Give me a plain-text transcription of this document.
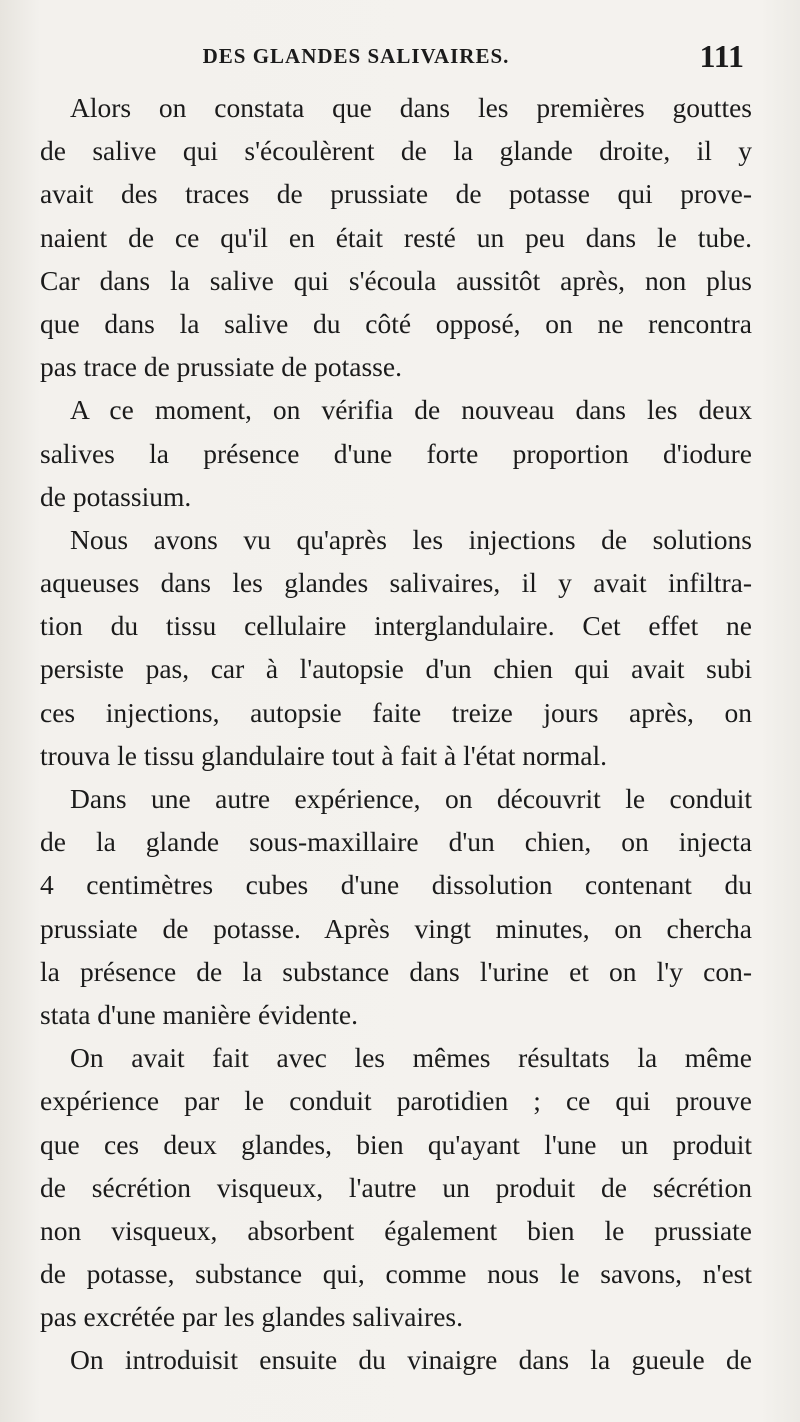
DES GLANDES SALIVAIRES.	111
Alors on constata que dans les premières gouttes
de salive qui s'écoulèrent de la glande droite, il y
avait des traces de prussiate de potasse qui prove-
naient de ce qu'il en était resté un peu dans le tube.
Car dans la salive qui s'écoula aussitôt après, non plus
que dans la salive du côté opposé, on ne rencontra
pas trace de prussiate de potasse.
A ce moment, on vérifia de nouveau dans les deux
salives la présence d'une forte proportion d'iodure
de potassium.
Nous avons vu qu'après les injections de solutions
aqueuses dans les glandes salivaires, il y avait infiltra-
tion du tissu cellulaire interglandulaire. Cet effet ne
persiste pas, car à l'autopsie d'un chien qui avait subi
ces injections, autopsie faite treize jours après, on
trouva le tissu glandulaire tout à fait à l'état normal.
Dans une autre expérience, on découvrit le conduit
de la glande sous-maxillaire d'un chien, on injecta
4 centimètres cubes d'une dissolution contenant du
prussiate de potasse. Après vingt minutes, on chercha
la présence de la substance dans l'urine et on l'y con-
stata d'une manière évidente.
On avait fait avec les mêmes résultats la même
expérience par le conduit parotidien ; ce qui prouve
que ces deux glandes, bien qu'ayant l'une un produit
de sécrétion visqueux, l'autre un produit de sécrétion
non visqueux, absorbent également bien le prussiate
de potasse, substance qui, comme nous le savons, n'est
pas excrétée par les glandes salivaires.
On introduisit ensuite du vinaigre dans la gueule de
